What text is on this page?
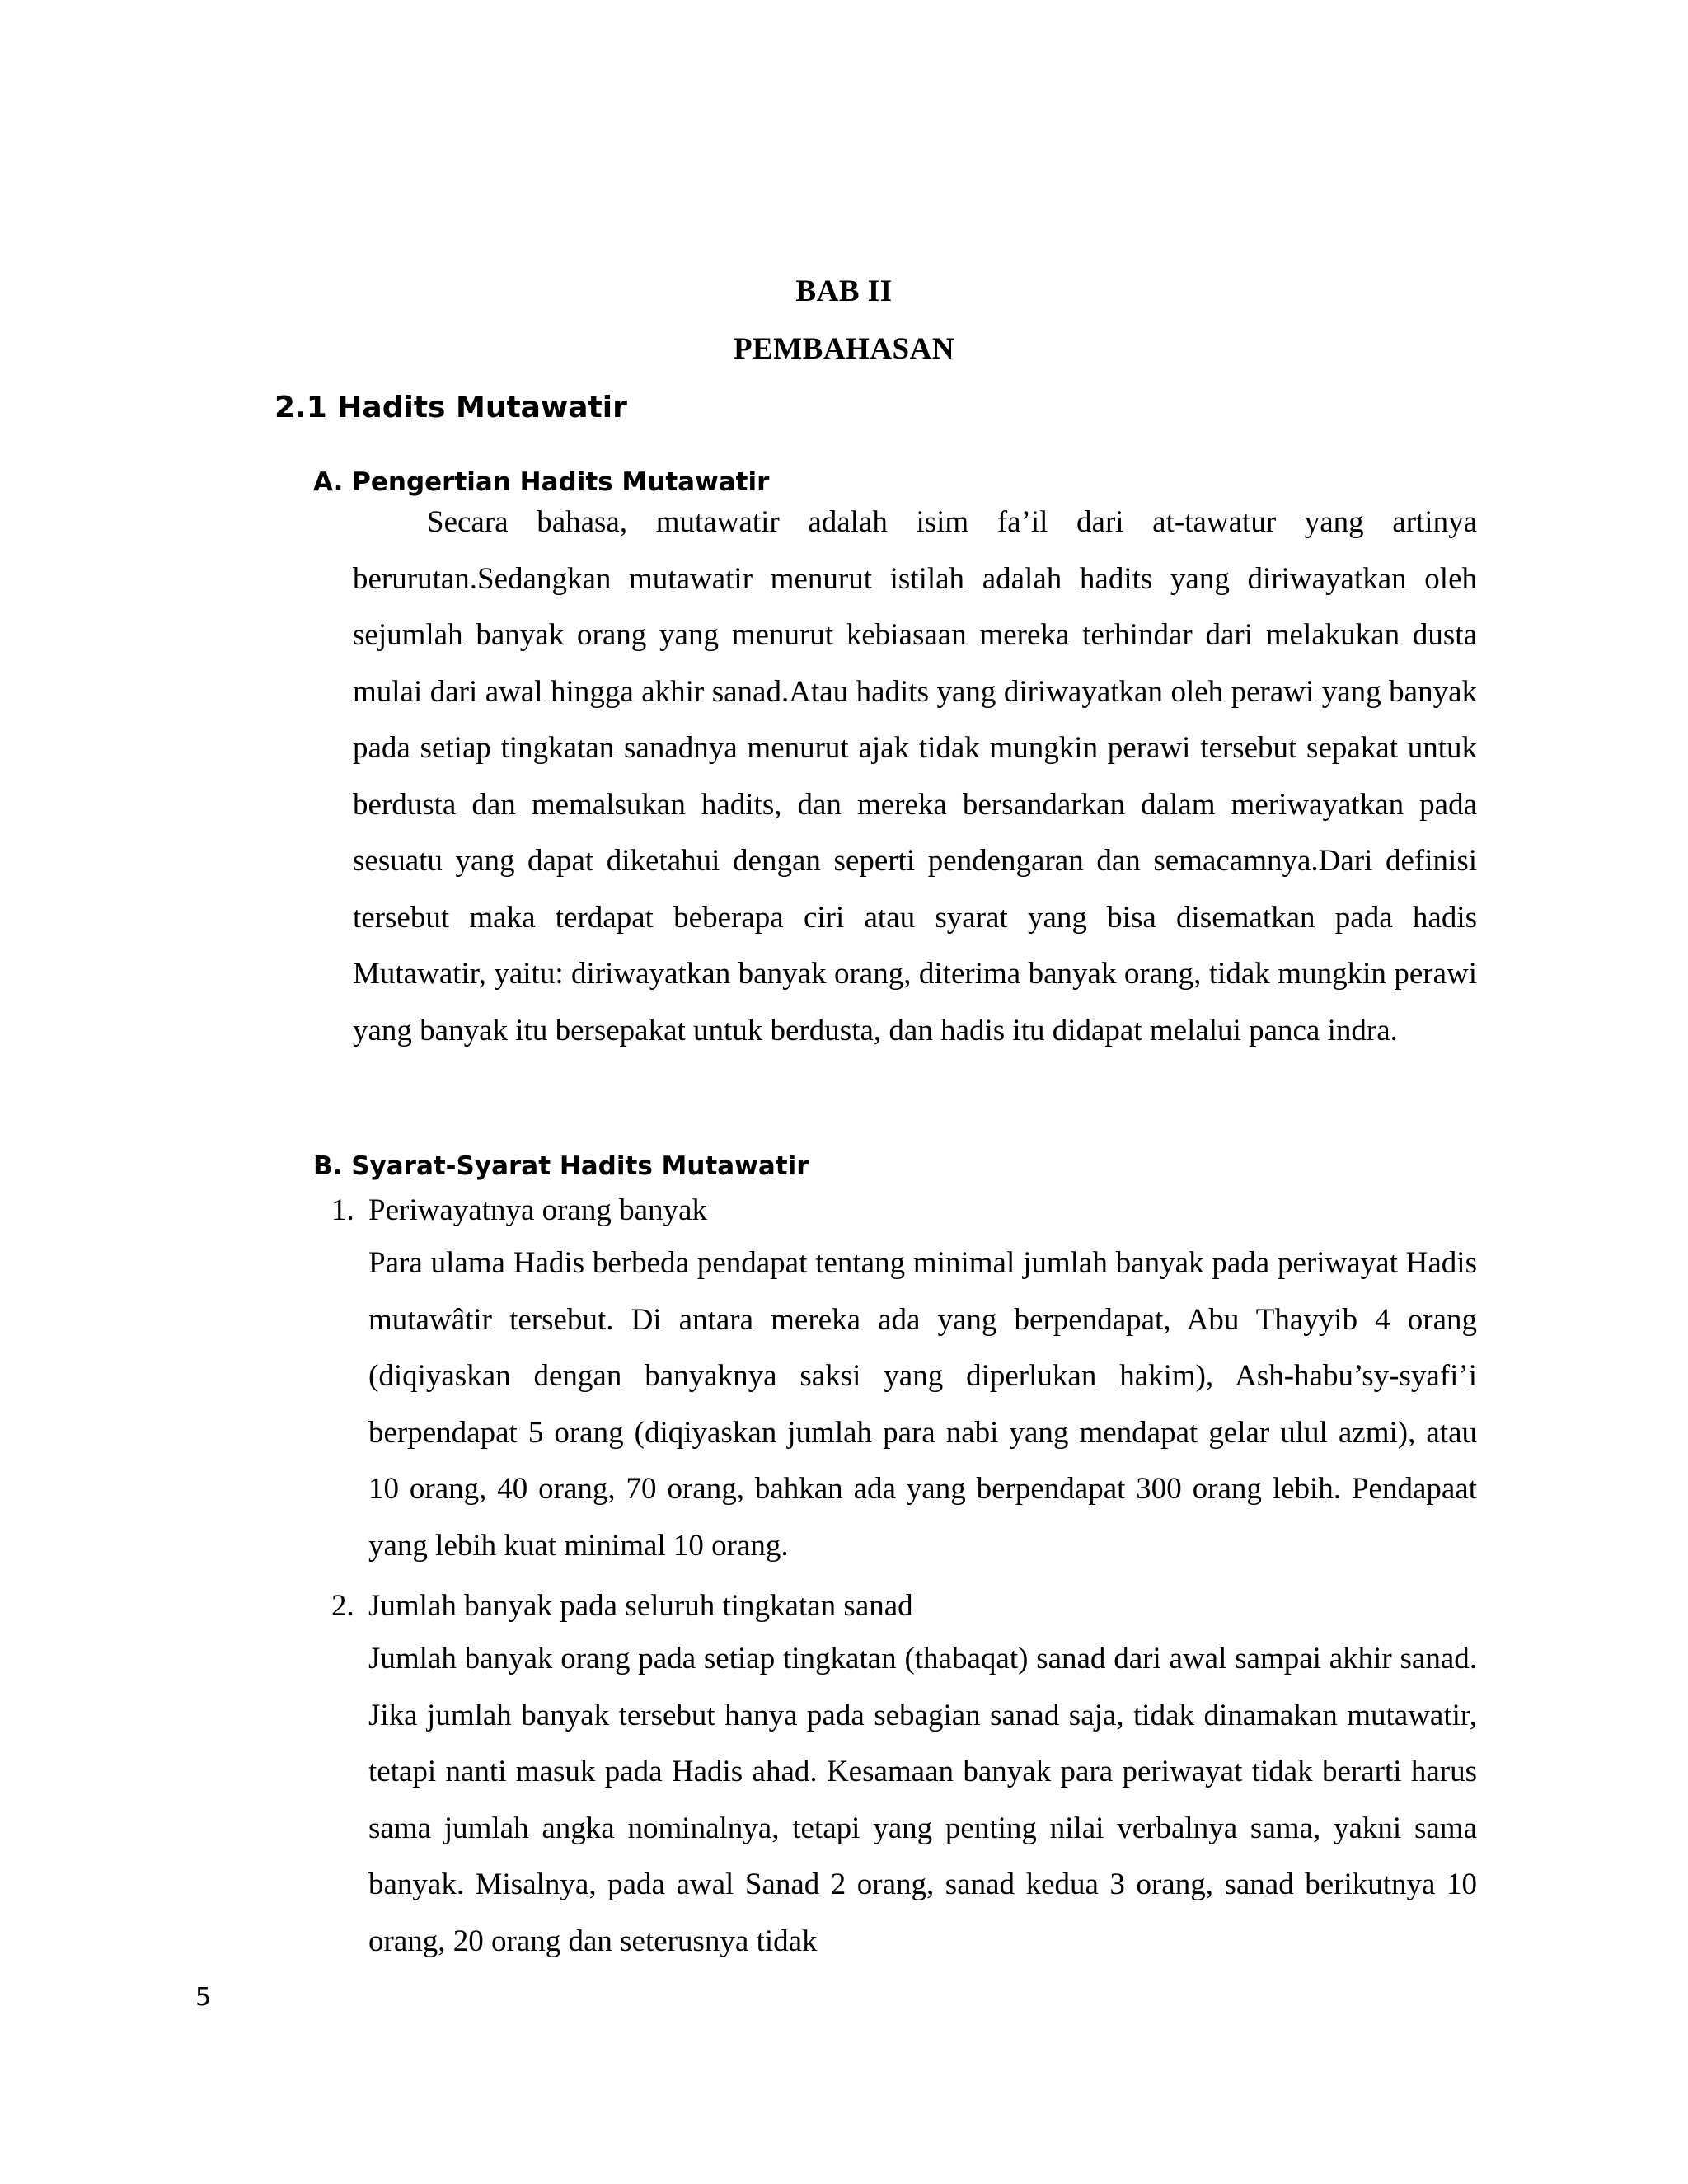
BAB II
PEMBAHASAN
2.1 Hadits Mutawatir
A. Pengertian Hadits Mutawatir
Secara bahasa, mutawatir adalah isim fa’il dari at-tawatur yang artinya berurutan.Sedangkan mutawatir menurut istilah adalah hadits yang diriwayatkan oleh sejumlah banyak orang yang menurut kebiasaan mereka terhindar dari melakukan dusta mulai dari awal hingga akhir sanad.Atau hadits yang diriwayatkan oleh perawi yang banyak pada setiap tingkatan sanadnya menurut ajak tidak mungkin perawi tersebut sepakat untuk berdusta dan memalsukan hadits, dan mereka bersandarkan dalam meriwayatkan pada sesuatu yang dapat diketahui dengan seperti pendengaran dan semacamnya.Dari definisi tersebut maka terdapat beberapa ciri atau syarat yang bisa disematkan pada hadis Mutawatir, yaitu: diriwayatkan banyak orang, diterima banyak orang, tidak mungkin perawi yang banyak itu bersepakat untuk berdusta, dan hadis itu didapat melalui panca indra.
B. Syarat-Syarat Hadits Mutawatir
1. Periwayatnya orang banyak
Para ulama Hadis berbeda pendapat tentang minimal jumlah banyak pada periwayat Hadis mutawâtir tersebut. Di antara mereka ada yang berpendapat, Abu Thayyib 4 orang (diqiyaskan dengan banyaknya saksi yang diperlukan hakim), Ash-habu’sy-syafi’i berpendapat 5 orang (diqiyaskan jumlah para nabi yang mendapat gelar ulul azmi), atau 10 orang, 40 orang, 70 orang, bahkan ada yang berpendapat 300 orang lebih. Pendapaat yang lebih kuat minimal 10 orang.
2. Jumlah banyak pada seluruh tingkatan sanad
Jumlah banyak orang pada setiap tingkatan (thabaqat) sanad dari awal sampai akhir sanad. Jika jumlah banyak tersebut hanya pada sebagian sanad saja, tidak dinamakan mutawatir, tetapi nanti masuk pada Hadis ahad. Kesamaan banyak para periwayat tidak berarti harus sama jumlah angka nominalnya, tetapi yang penting nilai verbalnya sama, yakni sama banyak. Misalnya, pada awal Sanad 2 orang, sanad kedua 3 orang, sanad berikutnya 10 orang, 20 orang dan seterusnya tidak
5
